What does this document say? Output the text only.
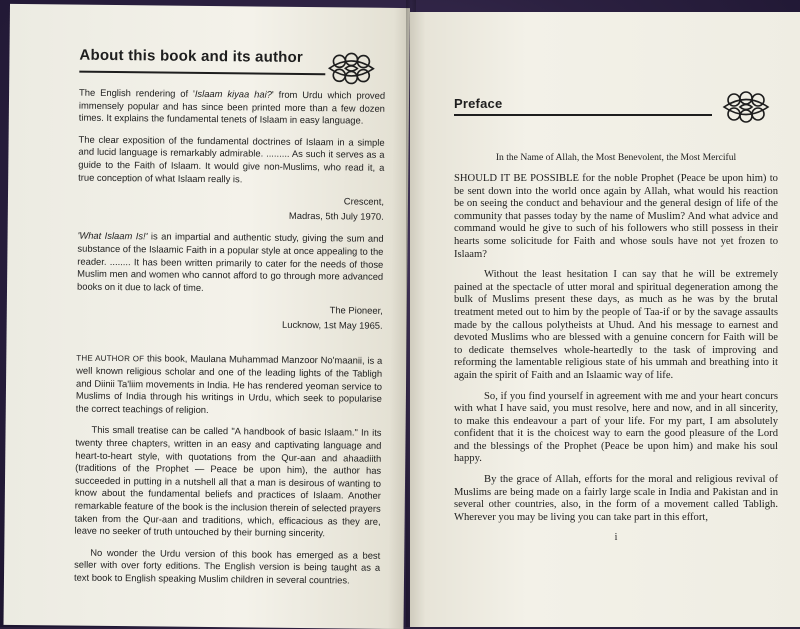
About this book and its author

The English rendering of 'Islaam kiyaa hai?' from Urdu which proved immensely popular and has since been printed more than a few dozen times. It explains the fundamental tenets of Islaam in easy language.

The clear exposition of the fundamental doctrines of Islaam in a simple and lucid language is remarkably admirable. ......... As such it serves as a guide to the Faith of Islaam. It would give non-Muslims, who read it, a true conception of what Islaam really is.

Crescent,

Madras, 5th July 1970.

'What Islaam Is!' is an impartial and authentic study, giving the sum and substance of the Islaamic Faith in a popular style at once appealing to the reader. ........ It has been written primarily to cater for the needs of those Muslim men and women who cannot afford to go through more advanced books on it due to lack of time.

The Pioneer,

Lucknow, 1st May 1965.

THE AUTHOR OF this book, Maulana Muhammad Manzoor No'maanii, is a well known religious scholar and one of the leading lights of the Tabligh and Diinii Ta'liim movements in India. He has rendered yeoman service to Muslims of India through his writings in Urdu, which seek to popularise the correct teachings of religion.

This small treatise can be called "A handbook of basic Islaam." In its twenty three chapters, written in an easy and captivating language and heart-to-heart style, with quotations from the Qur-aan and ahaadiith (traditions of the Prophet — Peace be upon him), the author has succeeded in putting in a nutshell all that a man is desirous of wanting to know about the fundamental beliefs and practices of Islaam. Another remarkable feature of the book is the inclusion therein of selected prayers taken from the Qur-aan and traditions, which, efficacious as they are, leave no seeker of truth untouched by their burning sincerity.

No wonder the Urdu version of this book has emerged as a best seller with over forty editions. The English version is being taught as a text book to English speaking Muslim children in several countries.

Preface
In the Name of Allah, the Most Benevolent, the Most Merciful

SHOULD IT BE POSSIBLE for the noble Prophet (Peace be upon him) to be sent down into the world once again by Allah, what would his reaction be on seeing the conduct and behaviour and the general design of life of the community that passes today by the name of Muslim? And what advice and command would he give to such of his followers who still possess in their hearts some solicitude for Faith and whose souls have not yet frozen to Islaam?

Without the least hesitation I can say that he will be extremely pained at the spectacle of utter moral and spiritual degeneration among the bulk of Muslims present these days, as much as he was by the brutal treatment meted out to him by the people of Taa-if or by the savage assaults made by the callous polytheists at Uhud. And his message to earnest and devoted Muslims who are blessed with a genuine concern for Faith will be to dedicate themselves whole-heartedly to the task of improving and reforming the lamentable religious state of his ummah and breathing into it again the spirit of Faith and an Islaamic way of life.

So, if you find yourself in agreement with me and your heart concurs with what I have said, you must resolve, here and now, and in all sincerity, to make this endeavour a part of your life. For my part, I am absolutely confident that it is the choicest way to earn the good pleasure of the Lord and the blessings of the Prophet (Peace be upon him) and make his soul happy.

By the grace of Allah, efforts for the moral and religious revival of Muslims are being made on a fairly large scale in India and Pakistan and in several other countries, also, in the form of a movement called Tabligh. Wherever you may be living you can take part in this effort,

i
